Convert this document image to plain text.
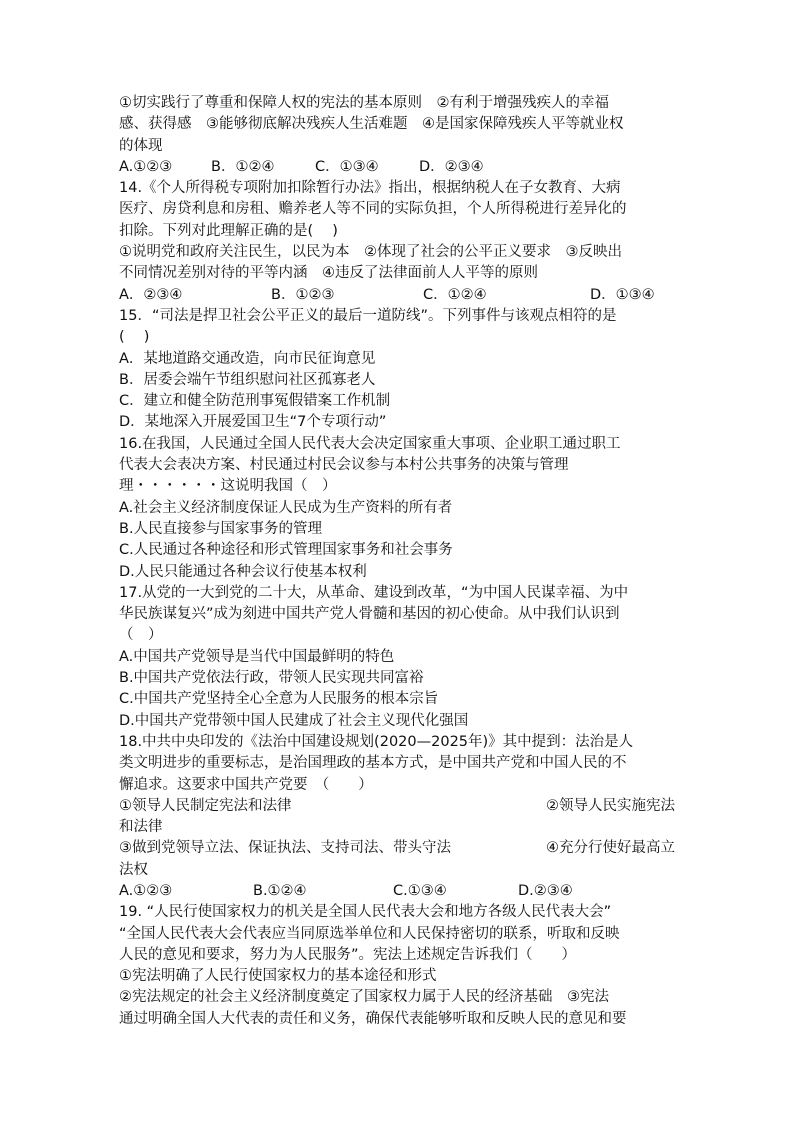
①切实践行了尊重和保障人权的宪法的基本原则　②有利于增强残疾人的幸福
感、获得感　③能够彻底解决残疾人生活难题　④是国家保障残疾人平等就业权
的体现
A.①②③	B．①②④	C．①③④	D．②③④
14.《个人所得税专项附加扣除暂行办法》指出，根据纳税人在子女教育、大病
医疗、房贷利息和房租、赡养老人等不同的实际负担，个人所得税进行差异化的
扣除。下列对此理解正确的是(　 )
①说明党和政府关注民生，以民为本　②体现了社会的公平正义要求　③反映出
不同情况差别对待的平等内涵　④违反了法律面前人人平等的原则
A．②③④	B．①②③	C．①②④	D．①③④
15．“司法是捍卫社会公平正义的最后一道防线”。下列事件与该观点相符的是
(　 )
A．某地道路交通改造，向市民征询意见
B．居委会端午节组织慰问社区孤寡老人
C．建立和健全防范刑事冤假错案工作机制
D．某地深入开展爱国卫生“7个专项行动”
16.在我国，人民通过全国人民代表大会决定国家重大事项、企业职工通过职工
代表大会表决方案、村民通过村民会议参与本村公共事务的决策与管理
理・・・・・・这说明我国（　）
A.社会主义经济制度保证人民成为生产资料的所有者
B.人民直接参与国家事务的管理
C.人民通过各种途径和形式管理国家事务和社会事务
D.人民只能通过各种会议行使基本权利
17.从党的一大到党的二十大，从革命、建设到改革，“为中国人民谋幸福、为中
华民族谋复兴”成为刻进中国共产党人骨髓和基因的初心使命。从中我们认识到
（　）
A.中国共产党领导是当代中国最鲜明的特色
B.中国共产党依法行政，带领人民实现共同富裕
C.中国共产党坚持全心全意为人民服务的根本宗旨
D.中国共产党带领中国人民建成了社会主义现代化强国
18.中共中央印发的《法治中国建设规划(2020—2025年)》其中提到：法治是人
类文明进步的重要标志，是治国理政的基本方式，是中国共产党和中国人民的不
懈追求。这要求中国共产党要　（　　）
①领导人民制定宪法和法律	②领导人民实施宪法
和法律
③做到党领导立法、保证执法、支持司法、带头守法	④充分行使好最高立
法权
A.①②③	B.①②④	C.①③④	D.②③④
19. “人民行使国家权力的机关是全国人民代表大会和地方各级人民代表大会”
“全国人民代表大会代表应当同原选举单位和人民保持密切的联系，听取和反映
人民的意见和要求，努力为人民服务”。宪法上述规定告诉我们（　　）
①宪法明确了人民行使国家权力的基本途径和形式
②宪法规定的社会主义经济制度奠定了国家权力属于人民的经济基础　③宪法
通过明确全国人大代表的责任和义务，确保代表能够听取和反映人民的意见和要
